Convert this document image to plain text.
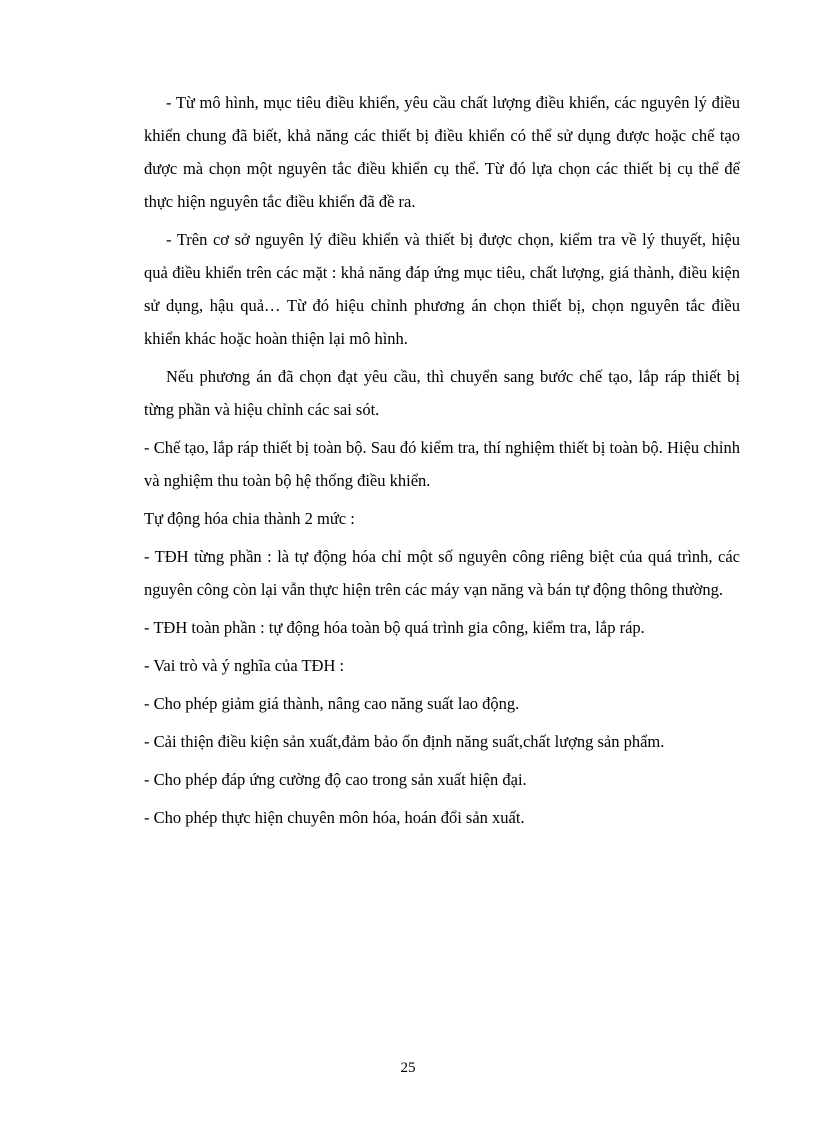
- Từ mô hình, mục tiêu điều khiển, yêu cầu chất lượng điều khiển, các nguyên lý điều khiển chung đã biết, khả năng các thiết bị điều khiển có thể sử dụng được hoặc chế tạo được mà chọn một nguyên tắc điều khiển cụ thể. Từ đó lựa chọn các thiết bị cụ thể để thực hiện nguyên tắc điều khiển đã đề ra.

- Trên cơ sở nguyên lý điều khiển và thiết bị được chọn, kiểm tra về lý thuyết, hiệu quả điều khiển trên các mặt : khả năng đáp ứng mục tiêu, chất lượng, giá thành, điều kiện sử dụng, hậu quả… Từ đó hiệu chỉnh phương án chọn thiết bị, chọn nguyên tắc điều khiển khác hoặc hoàn thiện lại mô hình.

Nếu phương án đã chọn đạt yêu cầu, thì chuyển sang bước chế tạo, lắp ráp thiết bị từng phần và hiệu chỉnh các sai sót.

- Chế tạo, lắp ráp thiết bị toàn bộ. Sau đó kiểm tra, thí nghiệm thiết bị toàn bộ. Hiệu chỉnh và nghiệm thu toàn bộ hệ thống điều khiển.

Tự động hóa chia thành 2 mức :

- TĐH từng phần : là tự động hóa chỉ một số nguyên công riêng biệt của quá trình, các nguyên công còn lại vẫn thực hiện trên các máy vạn năng và bán tự động thông thường.

- TĐH toàn phần : tự động hóa toàn bộ quá trình gia công, kiểm tra, lắp ráp.

- Vai trò và ý nghĩa của TĐH :

- Cho phép giảm giá thành, nâng cao năng suất lao động.

- Cải thiện điều kiện sản xuất,đảm bảo ổn định năng suất,chất lượng sản phẩm.

- Cho phép đáp ứng cường độ cao trong sản xuất hiện đại.

- Cho phép thực hiện chuyên môn hóa, hoán đổi sản xuất.

25
